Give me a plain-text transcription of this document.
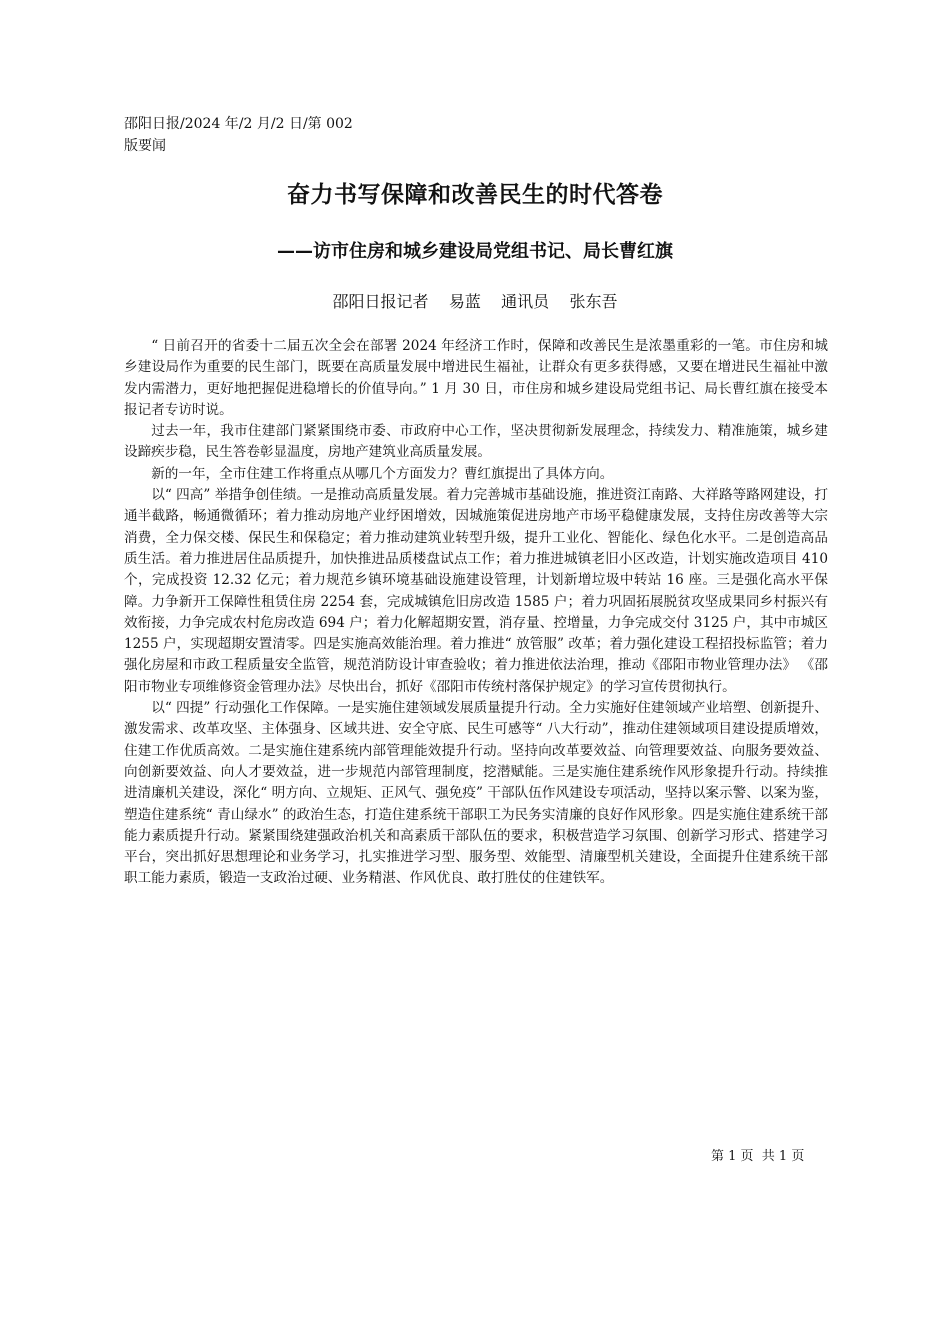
邵阳日报/2024 年/2 月/2 日/第 002
版要闻
奋力书写保障和改善民生的时代答卷
——访市住房和城乡建设局党组书记、局长曹红旗
邵阳日报记者    易蓝    通讯员    张东吾

“ 日前召开的省委十二届五次全会在部署 2024 年经济工作时，保障和改善民生是浓墨重彩的一笔。市住房和城乡建设局作为重要的民生部门，既要在高质量发展中增进民生福祉，让群众有更多获得感，又要在增进民生福祉中激发内需潜力，更好地把握促进稳增长的价值导向。” 1 月 30 日，市住房和城乡建设局党组书记、局长曹红旗在接受本报记者专访时说。

过去一年，我市住建部门紧紧围绕市委、市政府中心工作，坚决贯彻新发展理念，持续发力、精准施策，城乡建设蹄疾步稳，民生答卷彰显温度，房地产建筑业高质量发展。

新的一年，全市住建工作将重点从哪几个方面发力？曹红旗提出了具体方向。

以“ 四高” 举措争创佳绩。一是推动高质量发展。着力完善城市基础设施，推进资江南路、大祥路等路网建设，打通半截路，畅通微循环；着力推动房地产业纾困增效，因城施策促进房地产市场平稳健康发展，支持住房改善等大宗消费，全力保交楼、保民生和保稳定；着力推动建筑业转型升级，提升工业化、智能化、绿色化水平。二是创造高品质生活。着力推进居住品质提升，加快推进品质楼盘试点工作；着力推进城镇老旧小区改造，计划实施改造项目 410 个，完成投资 12.32 亿元；着力规范乡镇环境基础设施建设管理，计划新增垃圾中转站 16 座。三是强化高水平保障。力争新开工保障性租赁住房 2254 套，完成城镇危旧房改造 1585 户；着力巩固拓展脱贫攻坚成果同乡村振兴有效衔接，力争完成农村危房改造 694 户；着力化解超期安置，消存量、控增量，力争完成交付 3125 户，其中市城区 1255 户，实现超期安置清零。四是实施高效能治理。着力推进“ 放管服” 改革；着力强化建设工程招投标监管；着力强化房屋和市政工程质量安全监管，规范消防设计审查验收；着力推进依法治理，推动《邵阳市物业管理办法》 《邵阳市物业专项维修资金管理办法》尽快出台，抓好《邵阳市传统村落保护规定》的学习宣传贯彻执行。

以“ 四提” 行动强化工作保障。一是实施住建领域发展质量提升行动。全力实施好住建领域产业培塑、创新提升、激发需求、改革攻坚、主体强身、区域共进、安全守底、民生可感等“ 八大行动”，推动住建领域项目建设提质增效，住建工作优质高效。二是实施住建系统内部管理能效提升行动。坚持向改革要效益、向管理要效益、向服务要效益、向创新要效益、向人才要效益，进一步规范内部管理制度，挖潜赋能。三是实施住建系统作风形象提升行动。持续推进清廉机关建设，深化“ 明方向、立规矩、正风气、强免疫” 干部队伍作风建设专项活动，坚持以案示警、以案为鉴，塑造住建系统“ 青山绿水” 的政治生态，打造住建系统干部职工为民务实清廉的良好作风形象。四是实施住建系统干部能力素质提升行动。紧紧围绕建强政治机关和高素质干部队伍的要求，积极营造学习氛围、创新学习形式、搭建学习平台，突出抓好思想理论和业务学习，扎实推进学习型、服务型、效能型、清廉型机关建设，全面提升住建系统干部职工能力素质，锻造一支政治过硬、业务精湛、作风优良、敢打胜仗的住建铁军。

第 1 页  共 1 页
